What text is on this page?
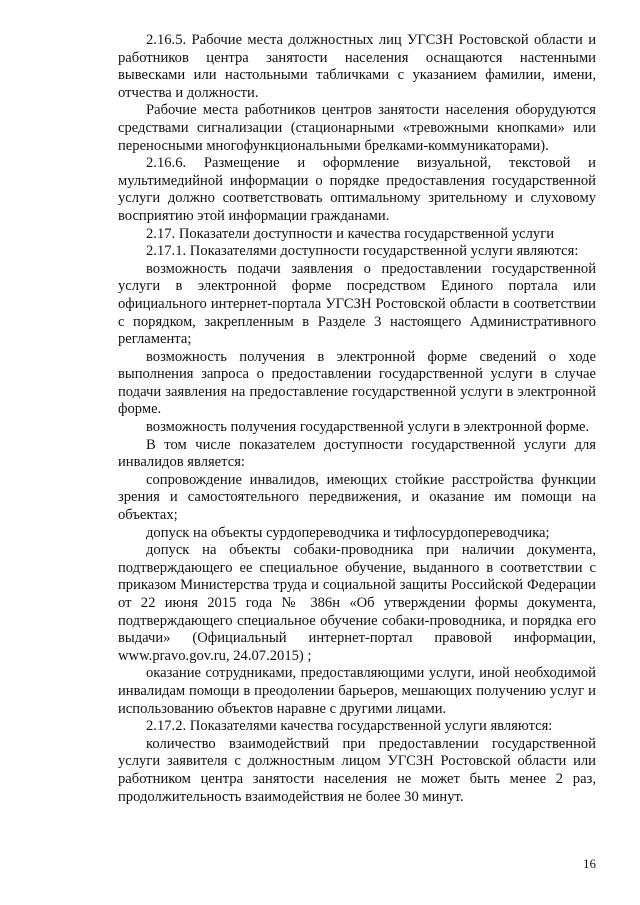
2.16.5. Рабочие места должностных лиц УГСЗН Ростовской области и работников центра занятости населения оснащаются настенными вывесками или настольными табличками с указанием фамилии, имени, отчества и должности.

Рабочие места работников центров занятости населения оборудуются средствами сигнализации (стационарными «тревожными кнопками» или переносными многофункциональными брелками-коммуникаторами).

2.16.6. Размещение и оформление визуальной, текстовой и мультимедийной информации о порядке предоставления государственной услуги должно соответствовать оптимальному зрительному и слуховому восприятию этой информации гражданами.

2.17. Показатели доступности и качества государственной услуги

2.17.1. Показателями доступности государственной услуги являются:

возможность подачи заявления о предоставлении государственной услуги в электронной форме посредством Единого портала или официального интернет-портала УГСЗН Ростовской области в соответствии с порядком, закрепленным в Разделе 3 настоящего Административного регламента;

возможность получения в электронной форме сведений о ходе выполнения запроса о предоставлении государственной услуги в случае подачи заявления на предоставление государственной услуги в электронной форме.

возможность получения государственной услуги в электронной форме.

В том числе показателем доступности государственной услуги для инвалидов является:

сопровождение инвалидов, имеющих стойкие расстройства функции зрения и самостоятельного передвижения, и оказание им помощи на объектах;

допуск на объекты сурдопереводчика и тифлосурдопереводчика;

допуск на объекты собаки-проводника при наличии документа, подтверждающего ее специальное обучение, выданного в соответствии с приказом Министерства труда и социальной защиты Российской Федерации от 22 июня 2015 года № 386н «Об утверждении формы документа, подтверждающего специальное обучение собаки-проводника, и порядка его выдачи» (Официальный интернет-портал правовой информации, www.pravo.gov.ru, 24.07.2015) ;

оказание сотрудниками, предоставляющими услуги, иной необходимой инвалидам помощи в преодолении барьеров, мешающих получению услуг и использованию объектов наравне с другими лицами.

2.17.2. Показателями качества государственной услуги являются:

количество взаимодействий при предоставлении государственной услуги заявителя с должностным лицом УГСЗН Ростовской области или работником центра занятости населения не может быть менее 2 раз, продолжительность взаимодействия не более 30 минут.

16
